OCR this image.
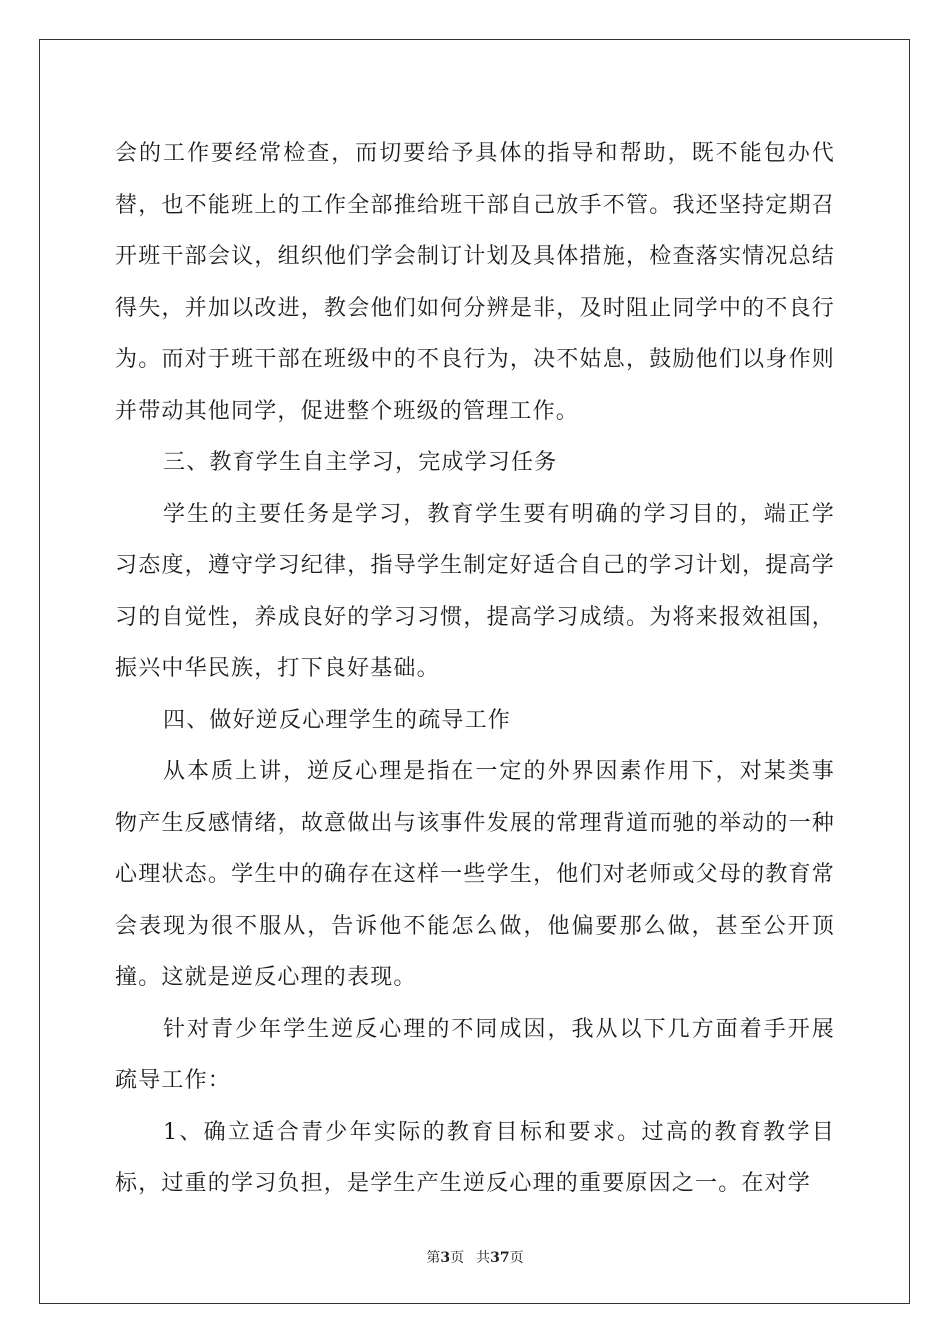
会的工作要经常检查，而切要给予具体的指导和帮助，既不能包办代替，也不能班上的工作全部推给班干部自己放手不管。我还坚持定期召开班干部会议，组织他们学会制订计划及具体措施，检查落实情况总结得失，并加以改进，教会他们如何分辨是非，及时阻止同学中的不良行为。而对于班干部在班级中的不良行为，决不姑息，鼓励他们以身作则并带动其他同学，促进整个班级的管理工作。

三、教育学生自主学习，完成学习任务

学生的主要任务是学习，教育学生要有明确的学习目的，端正学习态度，遵守学习纪律，指导学生制定好适合自己的学习计划，提高学习的自觉性，养成良好的学习习惯，提高学习成绩。为将来报效祖国，振兴中华民族，打下良好基础。

四、做好逆反心理学生的疏导工作

从本质上讲，逆反心理是指在一定的外界因素作用下，对某类事物产生反感情绪，故意做出与该事件发展的常理背道而驰的举动的一种心理状态。学生中的确存在这样一些学生，他们对老师或父母的教育常会表现为很不服从，告诉他不能怎么做，他偏要那么做，甚至公开顶撞。这就是逆反心理的表现。

针对青少年学生逆反心理的不同成因，我从以下几方面着手开展疏导工作：

1、确立适合青少年实际的教育目标和要求。过高的教育教学目标，过重的学习负担，是学生产生逆反心理的重要原因之一。在对学

第3页 共37页
